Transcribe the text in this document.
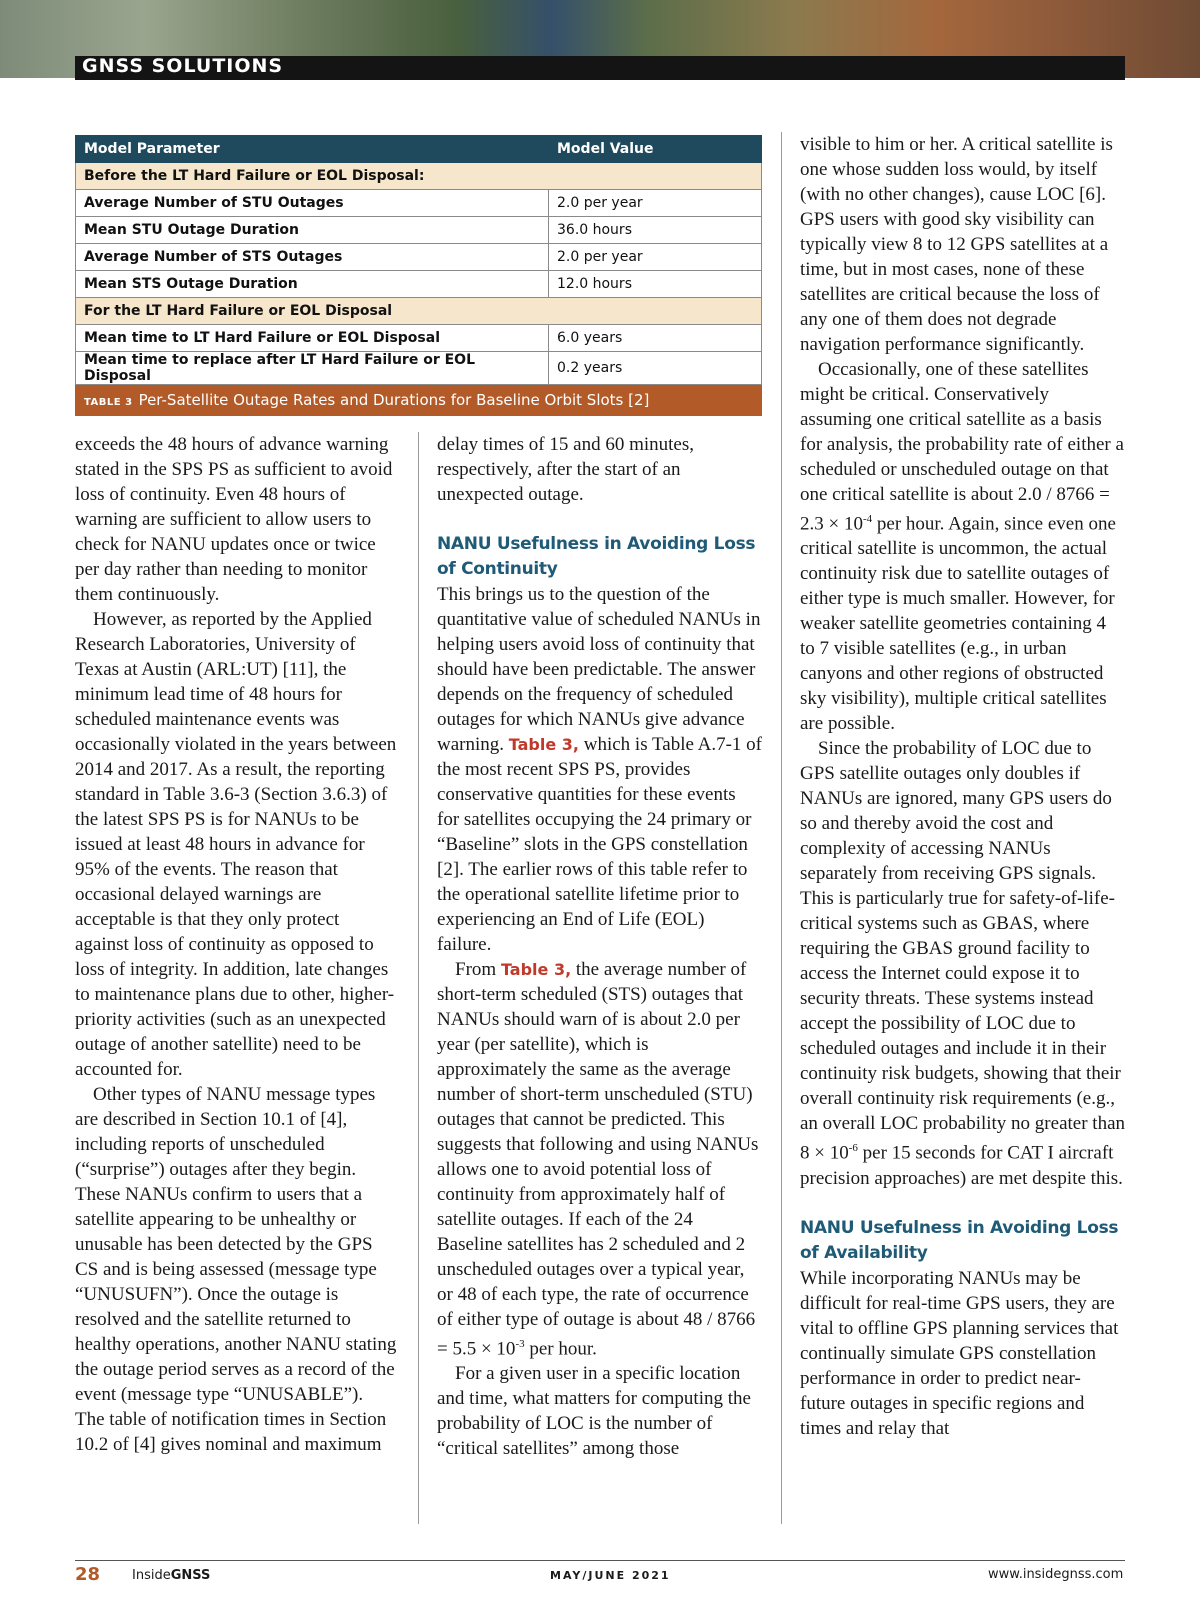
GNSS SOLUTIONS
Model Parameter	Model Value
Before the LT Hard Failure or EOL Disposal:	
Average Number of STU Outages	2.0 per year
Mean STU Outage Duration	36.0 hours
Average Number of STS Outages	2.0 per year
Mean STS Outage Duration	12.0 hours
For the LT Hard Failure or EOL Disposal	
Mean time to LT Hard Failure or EOL Disposal	6.0 years
Mean time to replace after LT Hard Failure or EOL Disposal	0.2 years
TABLE 3 Per-Satellite Outage Rates and Durations for Baseline Orbit Slots [2]	

exceeds the 48 hours of advance warning stated in the SPS PS as sufficient to avoid loss of continuity. Even 48 hours of warning are sufficient to allow users to check for NANU updates once or twice per day rather than needing to monitor them continuously.

However, as reported by the Applied Research Laboratories, University of Texas at Austin (ARL:UT) [11], the minimum lead time of 48 hours for scheduled maintenance events was occasionally violated in the years between 2014 and 2017. As a result, the reporting standard in Table 3.6-3 (Section 3.6.3) of the latest SPS PS is for NANUs to be issued at least 48 hours in advance for 95% of the events. The reason that occasional delayed warnings are acceptable is that they only protect against loss of continuity as opposed to loss of integrity. In addition, late changes to maintenance plans due to other, higher-priority activities (such as an unexpected outage of another satellite) need to be accounted for.

Other types of NANU message types are described in Section 10.1 of [4], including reports of unscheduled (“surprise”) outages after they begin. These NANUs confirm to users that a satellite appearing to be unhealthy or unusable has been detected by the GPS CS and is being assessed (message type “UNUSUFN”). Once the outage is resolved and the satellite returned to healthy operations, another NANU stating the outage period serves as a record of the event (message type “UNUSABLE”). The table of notification times in Section 10.2 of [4] gives nominal and maximum

delay times of 15 and 60 minutes, respectively, after the start of an unexpected outage.

NANU Usefulness in Avoiding Loss of Continuity

This brings us to the question of the quantitative value of scheduled NANUs in helping users avoid loss of continuity that should have been predictable. The answer depends on the frequency of scheduled outages for which NANUs give advance warning. Table 3, which is Table A.7-1 of the most recent SPS PS, provides conservative quantities for these events for satellites occupying the 24 primary or “Baseline” slots in the GPS constellation [2]. The earlier rows of this table refer to the operational satellite lifetime prior to experiencing an End of Life (EOL) failure.

From Table 3, the average number of short-term scheduled (STS) outages that NANUs should warn of is about 2.0 per year (per satellite), which is approximately the same as the average number of short-term unscheduled (STU) outages that cannot be predicted. This suggests that following and using NANUs allows one to avoid potential loss of continuity from approximately half of satellite outages. If each of the 24 Baseline satellites has 2 scheduled and 2 unscheduled outages over a typical year, or 48 of each type, the rate of occurrence of either type of outage is about $48 / 8766 = 5.5 \times 10^{-3}$ per hour.

For a given user in a specific location and time, what matters for computing the probability of LOC is the number of “critical satellites” among those

visible to him or her. A critical satellite is one whose sudden loss would, by itself (with no other changes), cause LOC [6]. GPS users with good sky visibility can typically view 8 to 12 GPS satellites at a time, but in most cases, none of these satellites are critical because the loss of any one of them does not degrade navigation performance significantly.

Occasionally, one of these satellites might be critical. Conservatively assuming one critical satellite as a basis for analysis, the probability rate of either a scheduled or unscheduled outage on that one critical satellite is about $2.0 / 8766 = 2.3 \times 10^{-4}$ per hour. Again, since even one critical satellite is uncommon, the actual continuity risk due to satellite outages of either type is much smaller. However, for weaker satellite geometries containing 4 to 7 visible satellites (e.g., in urban canyons and other regions of obstructed sky visibility), multiple critical satellites are possible.

Since the probability of LOC due to GPS satellite outages only doubles if NANUs are ignored, many GPS users do so and thereby avoid the cost and complexity of accessing NANUs separately from receiving GPS signals. This is particularly true for safety-of-life-critical systems such as GBAS, where requiring the GBAS ground facility to access the Internet could expose it to security threats. These systems instead accept the possibility of LOC due to scheduled outages and include it in their continuity risk budgets, showing that their overall continuity risk requirements (e.g., an overall LOC probability no greater than $8 \times 10^{-6}$ per 15 seconds for CAT I aircraft precision approaches) are met despite this.

NANU Usefulness in Avoiding Loss of Availability

While incorporating NANUs may be difficult for real-time GPS users, they are vital to offline GPS planning services that continually simulate GPS constellation performance in order to predict near-future outages in specific regions and times and relay that

28 InsideGNSS	MAY/JUNE 2021	www.insidegnss.com
